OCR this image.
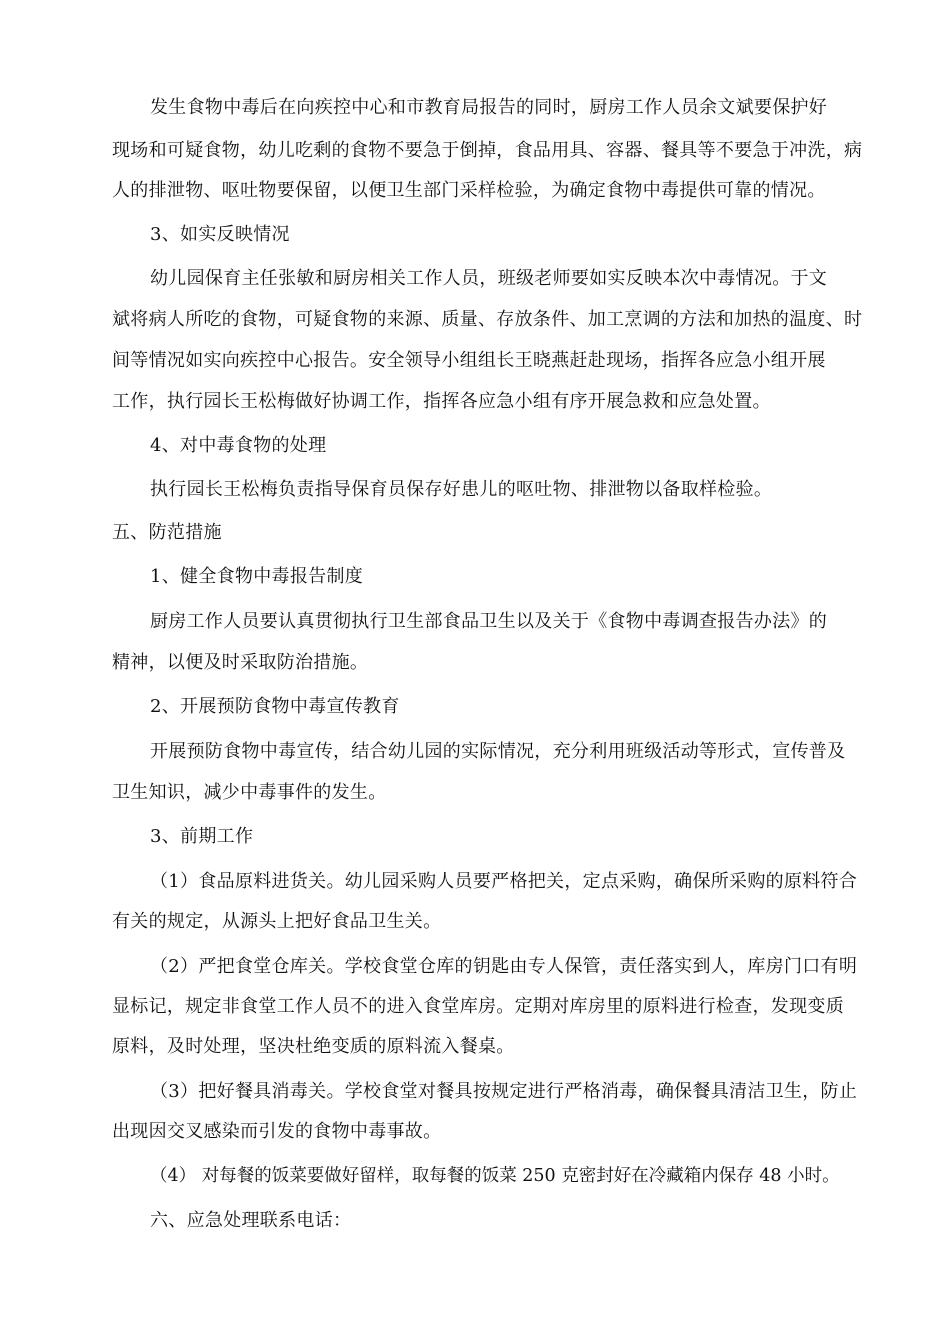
发生食物中毒后在向疾控中心和市教育局报告的同时，厨房工作人员余文斌要保护好
现场和可疑食物，幼儿吃剩的食物不要急于倒掉，食品用具、容器、餐具等不要急于冲洗，病
人的排泄物、呕吐物要保留，以便卫生部门采样检验，为确定食物中毒提供可靠的情况。
3、如实反映情况
幼儿园保育主任张敏和厨房相关工作人员，班级老师要如实反映本次中毒情况。于文
斌将病人所吃的食物，可疑食物的来源、质量、存放条件、加工烹调的方法和加热的温度、时
间等情况如实向疾控中心报告。安全领导小组组长王晓燕赶赴现场，指挥各应急小组开展
工作，执行园长王松梅做好协调工作，指挥各应急小组有序开展急救和应急处置。
4、对中毒食物的处理
执行园长王松梅负责指导保育员保存好患儿的呕吐物、排泄物以备取样检验。
五、防范措施
1、健全食物中毒报告制度
厨房工作人员要认真贯彻执行卫生部食品卫生以及关于《食物中毒调查报告办法》的
精神，以便及时采取防治措施。
2、开展预防食物中毒宣传教育
开展预防食物中毒宣传，结合幼儿园的实际情况，充分利用班级活动等形式，宣传普及
卫生知识，减少中毒事件的发生。
3、前期工作
（1）食品原料进货关。幼儿园采购人员要严格把关，定点采购，确保所采购的原料符合
有关的规定，从源头上把好食品卫生关。
（2）严把食堂仓库关。学校食堂仓库的钥匙由专人保管，责任落实到人，库房门口有明
显标记，规定非食堂工作人员不的进入食堂库房。定期对库房里的原料进行检查，发现变质
原料，及时处理，坚决杜绝变质的原料流入餐桌。
（3）把好餐具消毒关。学校食堂对餐具按规定进行严格消毒，确保餐具清洁卫生，防止
出现因交叉感染而引发的食物中毒事故。
（4） 对每餐的饭菜要做好留样，取每餐的饭菜 250 克密封好在冷藏箱内保存 48 小时。
六、应急处理联系电话：
